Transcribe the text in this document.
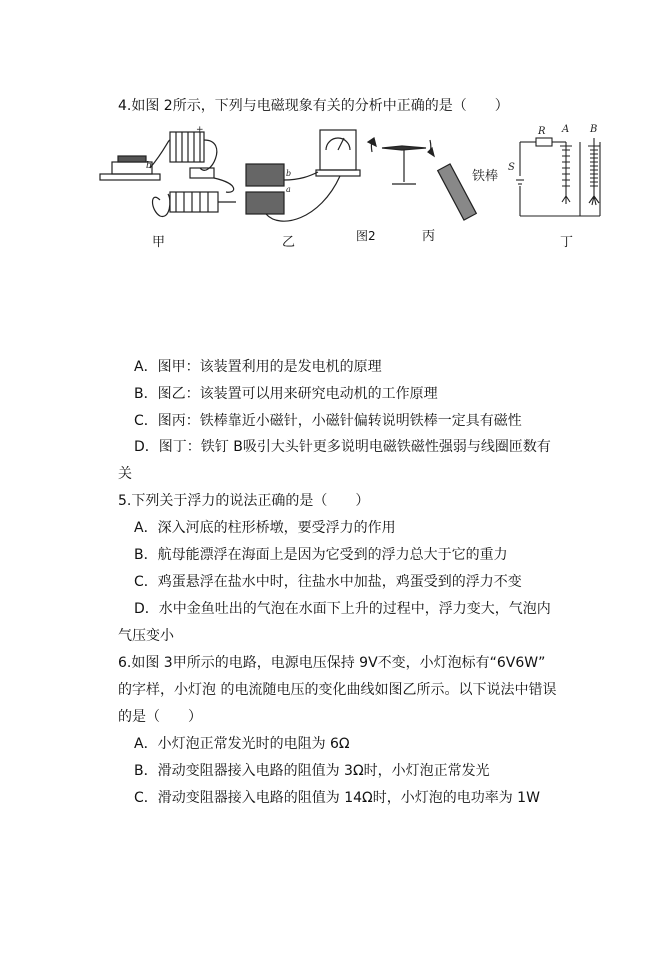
4.如图 2所示，下列与电磁现象有关的分析中正确的是（　　）
b
+
b
a
铁棒
R A B
S
甲	乙	图2	丙	丁
A．图甲：该装置利用的是发电机的原理
B．图乙：该装置可以用来研究电动机的工作原理
C．图丙：铁棒靠近小磁针，小磁针偏转说明铁棒一定具有磁性
D．图丁：铁钉 B吸引大头针更多说明电磁铁磁性强弱与线圈匝数有
关
5.下列关于浮力的说法正确的是（　　）
A．深入河底的柱形桥墩，要受浮力的作用
B．航母能漂浮在海面上是因为它受到的浮力总大于它的重力
C．鸡蛋悬浮在盐水中时，往盐水中加盐，鸡蛋受到的浮力不变
D．水中金鱼吐出的气泡在水面下上升的过程中，浮力变大，气泡内
气压变小
6.如图 3甲所示的电路，电源电压保持 9V不变，小灯泡标有“6V6W”
的字样，小灯泡 的电流随电压的变化曲线如图乙所示。以下说法中错误
的是（　　）
A．小灯泡正常发光时的电阻为 6Ω
B．滑动变阻器接入电路的阻值为 3Ω时，小灯泡正常发光
C．滑动变阻器接入电路的阻值为 14Ω时，小灯泡的电功率为 1W
